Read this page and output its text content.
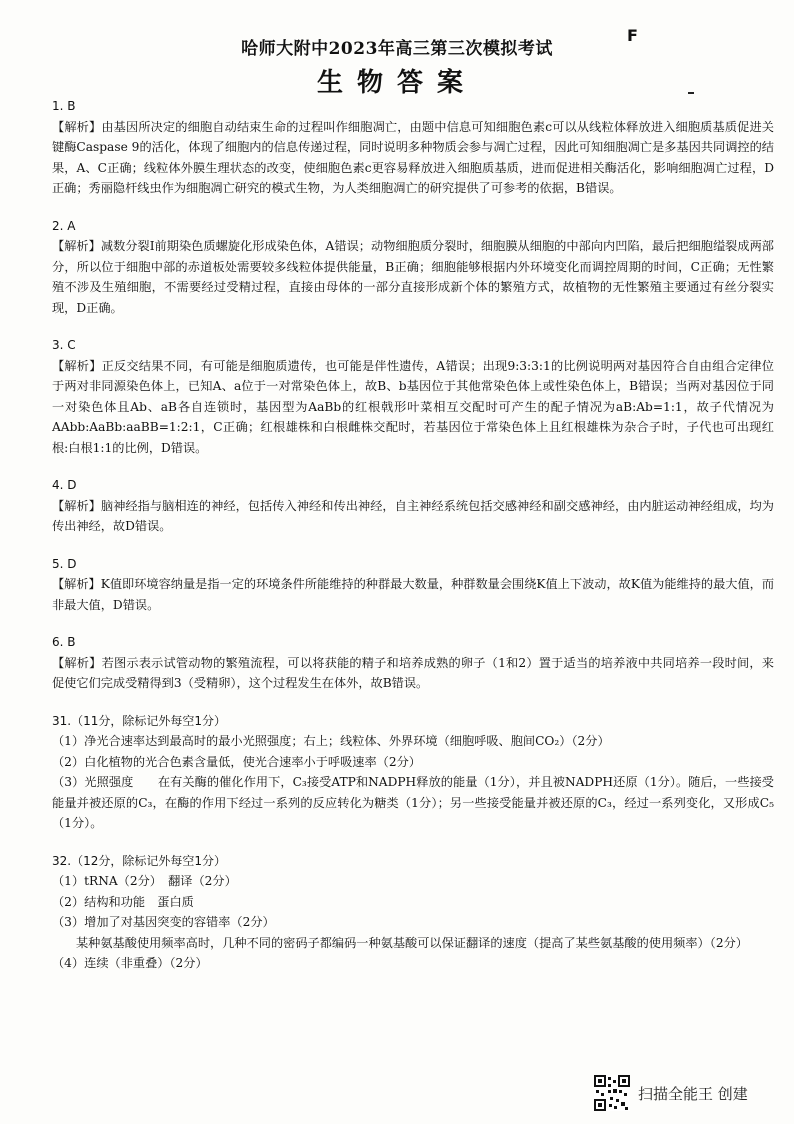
F
哈师大附中2023年高三第三次模拟考试
生物答案
1. B
【解析】由基因所决定的细胞自动结束生命的过程叫作细胞凋亡，由题中信息可知细胞色素c可以从线粒体释放进入细胞质基质促进关键酶Caspase 9的活化，体现了细胞内的信息传递过程，同时说明多种物质会参与凋亡过程，因此可知细胞凋亡是多基因共同调控的结果，A、C正确；线粒体外膜生理状态的改变，使细胞色素c更容易释放进入细胞质基质，进而促进相关酶活化，影响细胞凋亡过程，D正确；秀丽隐杆线虫作为细胞凋亡研究的模式生物，为人类细胞凋亡的研究提供了可参考的依据，B错误。
2. A
【解析】减数分裂Ⅰ前期染色质螺旋化形成染色体，A错误；动物细胞质分裂时，细胞膜从细胞的中部向内凹陷，最后把细胞缢裂成两部分，所以位于细胞中部的赤道板处需要较多线粒体提供能量，B正确；细胞能够根据内外环境变化而调控周期的时间，C正确；无性繁殖不涉及生殖细胞，不需要经过受精过程，直接由母体的一部分直接形成新个体的繁殖方式，故植物的无性繁殖主要通过有丝分裂实现，D正确。
3. C
【解析】正反交结果不同，有可能是细胞质遗传，也可能是伴性遗传，A错误；出现9:3:3:1的比例说明两对基因符合自由组合定律位于两对非同源染色体上，已知A、a位于一对常染色体上，故B、b基因位于其他常染色体上或性染色体上，B错误；当两对基因位于同一对染色体且Ab、aB各自连锁时，基因型为AaBb的红根戟形叶菜相互交配时可产生的配子情况为aB:Ab=1:1，故子代情况为AAbb:AaBb:aaBB=1:2:1，C正确；红根雄株和白根雌株交配时，若基因位于常染色体上且红根雄株为杂合子时，子代也可出现红根:白根1:1的比例，D错误。
4. D
【解析】脑神经指与脑相连的神经，包括传入神经和传出神经，自主神经系统包括交感神经和副交感神经，由内脏运动神经组成，均为传出神经，故D错误。
5. D
【解析】K值即环境容纳量是指一定的环境条件所能维持的种群最大数量，种群数量会围绕K值上下波动，故K值为能维持的最大值，而非最大值，D错误。
6. B
【解析】若图示表示试管动物的繁殖流程，可以将获能的精子和培养成熟的卵子（1和2）置于适当的培养液中共同培养一段时间，来促使它们完成受精得到3（受精卵），这个过程发生在体外，故B错误。
31.（11分，除标记外每空1分）
（1）净光合速率达到最高时的最小光照强度；右上；线粒体、外界环境（细胞呼吸、胞间CO₂）（2分）
（2）白化植物的光合色素含量低，使光合速率小于呼吸速率（2分）
（3）光照强度　　在有关酶的催化作用下，C₃接受ATP和NADPH释放的能量（1分），并且被NADPH还原（1分）。随后，一些接受能量并被还原的C₃，在酶的作用下经过一系列的反应转化为糖类（1分）；另一些接受能量并被还原的C₃，经过一系列变化，又形成C₅（1分）。
32.（12分，除标记外每空1分）
（1）tRNA（2分）　翻译（2分）
（2）结构和功能　蛋白质
（3）增加了对基因突变的容错率（2分）
某种氨基酸使用频率高时，几种不同的密码子都编码一种氨基酸可以保证翻译的速度（提高了某些氨基酸的使用频率）（2分）
（4）连续（非重叠）（2分）
扫描全能王 创建
